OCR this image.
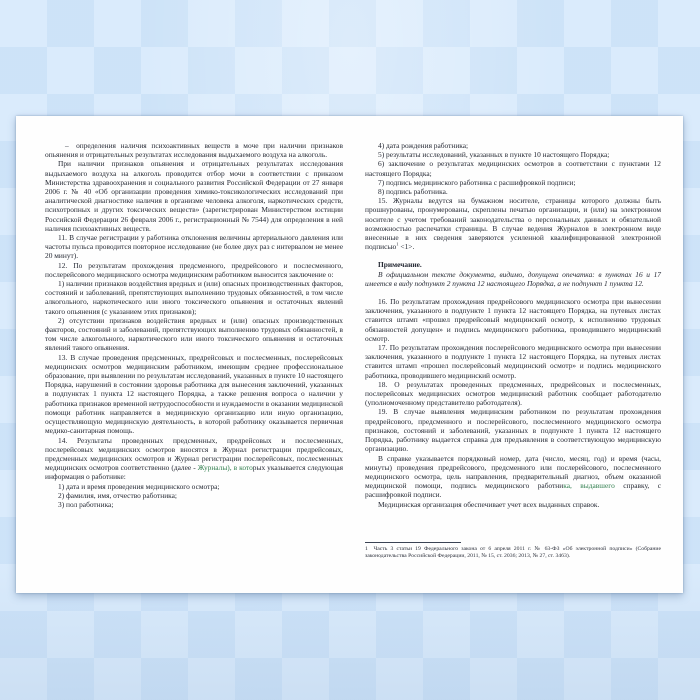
–  определения наличия психоактивных веществ в моче при наличии признаков опьянения и отрицательных результатах исследования выдыхаемого воздуха на алкоголь.

При наличии признаков опьянения и отрицательных результатах исследования выдыхаемого воздуха на алкоголь проводится отбор мочи в соответствии с приказом Министерства здравоохранения и социального развития Российской Федерации от 27 января 2006 г. № 40 «Об организации проведения химико-токсикологических исследований при аналитической диагностике наличия в организме человека алкоголя, наркотических средств, психотропных и других токсических веществ» (зарегистрирован Министерством юстиции Российской Федерации 26 февраля 2006 г., регистрационный № 7544) для определения в ней наличия психоактивных веществ.

11. В случае регистрации у работника отклонения величины артериального давления или частоты пульса проводится повторное исследование (не более двух раз с интервалом не менее 20 минут).

12. По результатам прохождения предсменного, предрейсового и послесменного, послерейсового медицинского осмотра медицинским работником выносится заключение о:

1) наличии признаков воздействия вредных и (или) опасных производственных факторов, состояний и заболеваний, препятствующих выполнению трудовых обязанностей, в том числе алкогольного, наркотического или иного токсического опьянения и остаточных явлений такого опьянения (с указанием этих признаков);

2) отсутствии признаков воздействия вредных и (или) опасных производственных факторов, состояний и заболеваний, препятствующих выполнению трудовых обязанностей, в том числе алкогольного, наркотического или иного токсического опьянения и остаточных явлений такого опьянения.

13. В случае проведения предсменных, предрейсовых и послесменных, послерейсовых медицинских осмотров медицинским работником, имеющим среднее профессиональное образование, при выявлении по результатам исследований, указанных в пункте 10 настоящего Порядка, нарушений в состоянии здоровья работника для вынесения заключений, указанных в подпунктах 1 пункта 12 настоящего Порядка, а также решения вопроса о наличии у работника признаков временной нетрудоспособности и нуждаемости в оказании медицинской помощи работник направляется в медицинскую организацию или иную организацию, осуществляющую медицинскую деятельность, в которой работнику оказывается первичная медико-санитарная помощь.

14. Результаты проведенных предсменных, предрейсовых и послесменных, послерейсовых медицинских осмотров вносятся в Журнал регистрации предрейсовых, предсменных медицинских осмотров и Журнал регистрации послерейсовых, послесменных медицинских осмотров соответственно (далее - Журналы), в которых указывается следующая информация о работнике:

1) дата и время проведения медицинского осмотра;

2) фамилия, имя, отчество работника;

3) пол работника;

4) дата рождения работника;

5) результаты исследований, указанных в пункте 10 настоящего Порядка;

6) заключение о результатах медицинских осмотров в соответствии с пунктами 12 настоящего Порядка;

7) подпись медицинского работника с расшифровкой подписи;

8) подпись работника.

15. Журналы ведутся на бумажном носителе, страницы которого должны быть прошнурованы, пронумерованы, скреплены печатью организации, и (или) на электронном носителе с учетом требований законодательства о персональных данных и обязательной возможностью распечатки страницы. В случае ведения Журналов в электронном виде внесенные в них сведения заверяются усиленной квалифицированной электронной подписью$^1$ <1>.

Примечание.

В официальном тексте документа, видимо, допущена опечатка: в пунктах 16 и 17 имеется в виду подпункт 2 пункта 12 настоящего Порядка, а не подпункт 1 пункта 12.

16. По результатам прохождения предрейсового медицинского осмотра при вынесении заключения, указанного в подпункте 1 пункта 12 настоящего Порядка, на путевых листах ставится штамп «прошел предрейсовый медицинский осмотр, к исполнению трудовых обязанностей допущен» и подпись медицинского работника, проводившего медицинский осмотр.

17. По результатам прохождения послерейсового медицинского осмотра при вынесении заключения, указанного в подпункте 1 пункта 12 настоящего Порядка, на путевых листах ставится штамп «прошел послерейсовый медицинский осмотр» и подпись медицинского работника, проводившего медицинский осмотр.

18. О результатах проведенных предсменных, предрейсовых и послесменных, послерейсовых медицинских осмотров медицинский работник сообщает работодателю (уполномоченному представителю работодателя).

19. В случае выявления медицинским работником по результатам прохождения предрейсового, предсменного и послерейсового, послесменного медицинского осмотра признаков, состояний и заболеваний, указанных в подпункте 1 пункта 12 настоящего Порядка, работнику выдается справка для предъявления в соответствующую медицинскую организацию.

В справке указывается порядковый номер, дата (число, месяц, год) и время (часы, минуты) проведения предрейсового, предсменного или послерейсового, послесменного медицинского осмотра, цель направления, предварительный диагноз, объем оказанной медицинской помощи, подпись медицинского работника, выдавшего справку, с расшифровкой подписи.

Медицинская организация обеспечивает учет всех выданных справок.

1 Часть 3 статьи 19 Федерального закона от 6 апреля 2011 г. № 63-ФЗ «Об электронной подписи» (Собрание законодательства Российской Федерации, 2011, № 15, ст. 2036; 2013, № 27, ст. 3463).
